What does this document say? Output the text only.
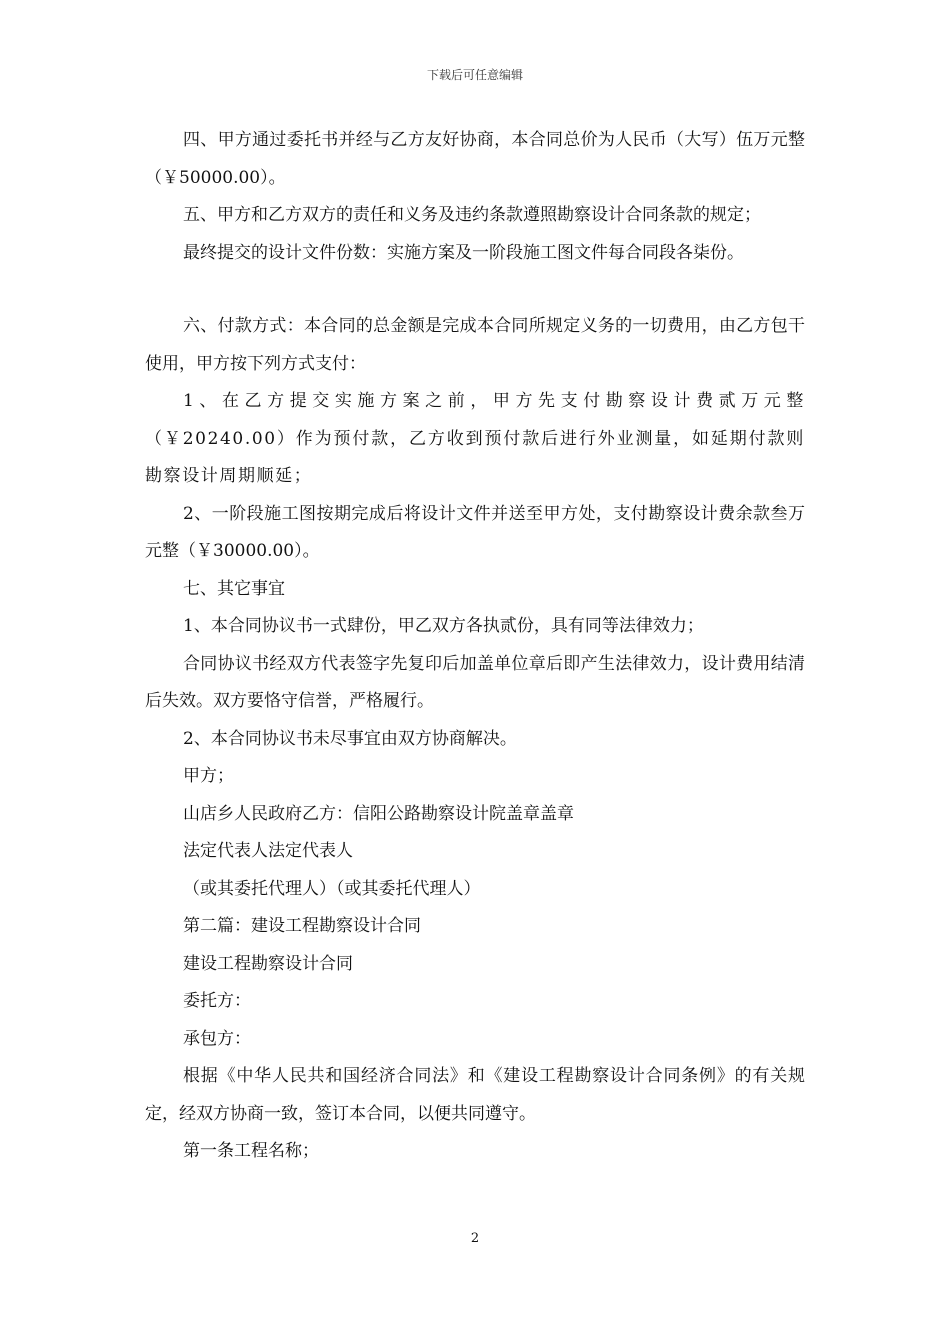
下载后可任意编辑

四、甲方通过委托书并经与乙方友好协商，本合同总价为人民币（大写）伍万元整（￥50000.00）。

五、甲方和乙方双方的责任和义务及违约条款遵照勘察设计合同条款的规定；

最终提交的设计文件份数：实施方案及一阶段施工图文件每合同段各柒份。

六、付款方式：本合同的总金额是完成本合同所规定义务的一切费用，由乙方包干使用，甲方按下列方式支付：

1、在乙方提交实施方案之前，甲方先支付勘察设计费贰万元整（￥20240.00）作为预付款，乙方收到预付款后进行外业测量，如延期付款则勘察设计周期顺延；

2、一阶段施工图按期完成后将设计文件并送至甲方处，支付勘察设计费余款叁万元整（￥30000.00）。

七、其它事宜

1、本合同协议书一式肆份，甲乙双方各执贰份，具有同等法律效力；

合同协议书经双方代表签字先复印后加盖单位章后即产生法律效力，设计费用结清后失效。双方要恪守信誉，严格履行。

2、本合同协议书未尽事宜由双方协商解决。

甲方；

山店乡人民政府乙方：信阳公路勘察设计院盖章盖章

法定代表人法定代表人

（或其委托代理人）（或其委托代理人）

第二篇：建设工程勘察设计合同

建设工程勘察设计合同

委托方：

承包方：

根据《中华人民共和国经济合同法》和《建设工程勘察设计合同条例》的有关规定，经双方协商一致，签订本合同，以便共同遵守。

第一条工程名称；

2
